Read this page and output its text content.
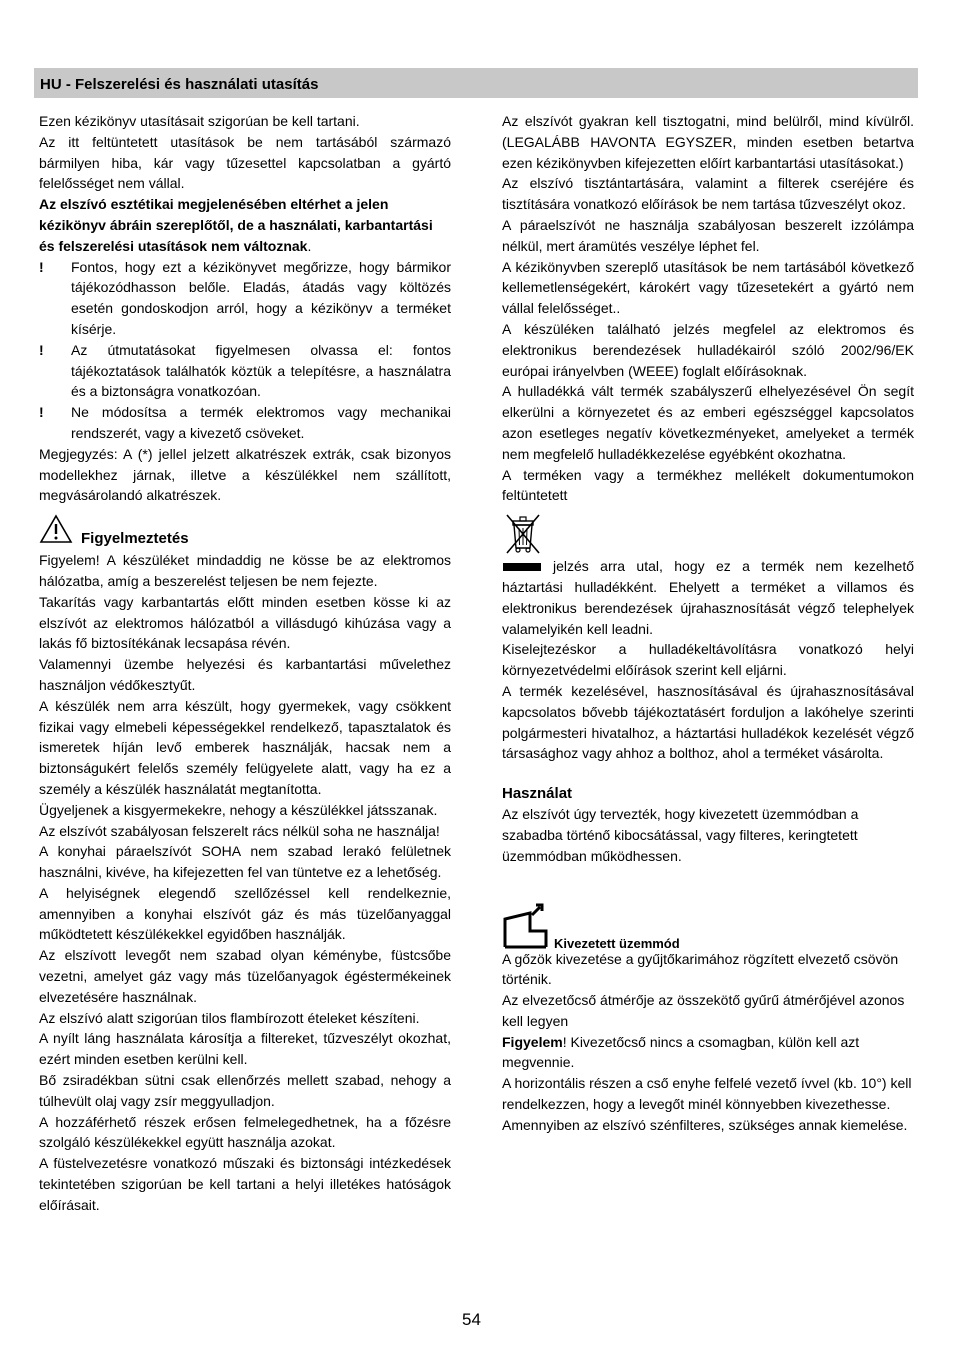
HU - Felszerelési és használati utasítás

Ezen kézikönyv utasításait szigorúan be kell tartani.

Az itt feltüntetett utasítások be nem tartásából származó bármilyen hiba, kár vagy tűzesettel kapcsolatban a gyártó felelősséget nem vállal.

Az elszívó esztétikai megjelenésében eltérhet a jelen kézikönyv ábráin szereplőtől, de a használati, karbantartási és felszerelési utasítások nem változnak.

! Fontos, hogy ezt a kézikönyvet megőrizze, hogy bármikor tájékozódhasson belőle. Eladás, átadás vagy költözés esetén gondoskodjon arról, hogy a kézikönyv a terméket kísérje.
! Az útmutatásokat figyelmesen olvassa el: fontos tájékoztatások találhatók köztük a telepítésre, a használatra és a biztonságra vonatkozóan.
! Ne módosítsa a termék elektromos vagy mechanikai rendszerét, vagy a kivezető csöveket.

Megjegyzés: A (*) jellel jelzett alkatrészek extrák, csak bizonyos modellekhez járnak, illetve a készülékkel nem szállított, megvásárolandó alkatrészek.

Figyelmeztetés

Figyelem! A készüléket mindaddig ne kösse be az elektromos hálózatba, amíg a beszerelést teljesen be nem fejezte.

Takarítás vagy karbantartás előtt minden esetben kösse ki az elszívót az elektromos hálózatból a villásdugó kihúzása vagy a lakás fő biztosítékának lecsapása révén.

Valamennyi üzembe helyezési és karbantartási művelethez használjon védőkesztyűt.

A készülék nem arra készült, hogy gyermekek, vagy csökkent fizikai vagy elmebeli képességekkel rendelkező, tapasztalatok és ismeretek híján levő emberek használják, hacsak nem a biztonságukért felelős személy felügyelete alatt, vagy ha ez a személy a készülék használatát megtanította.

Ügyeljenek a kisgyermekekre, nehogy a készülékkel játsszanak.

Az elszívót szabályosan felszerelt rács nélkül soha ne használja!

A konyhai páraelszívót SOHA nem szabad lerakó felületnek használni, kivéve, ha kifejezetten fel van tüntetve ez a lehetőség.

A helyiségnek elegendő szellőzéssel kell rendelkeznie, amennyiben a konyhai elszívót gáz és más tüzelőanyaggal működtetett készülékekkel egyidőben használják.

Az elszívott levegőt nem szabad olyan kéménybe, füstcsőbe vezetni, amelyet gáz vagy más tüzelőanyagok égéstermékeinek elvezetésére használnak.

Az elszívó alatt szigorúan tilos flambírozott ételeket készíteni.

A nyílt láng használata károsítja a filtereket, tűzveszélyt okozhat, ezért minden esetben kerülni kell.

Bő zsiradékban sütni csak ellenőrzés mellett szabad, nehogy a túlhevült olaj vagy zsír meggyulladjon.

A hozzáférhető részek erősen felmelegedhetnek, ha a főzésre szolgáló készülékekkel együtt használja azokat.

A füstelvezetésre vonatkozó műszaki és biztonsági intézkedések tekintetében szigorúan be kell tartani a helyi illetékes hatóságok előírásait.

Az elszívót gyakran kell tisztogatni, mind belülről, mind kívülről. (LEGALÁBB HAVONTA EGYSZER, minden esetben betartva ezen kézikönyvben kifejezetten előírt karbantartási utasításokat.)

Az elszívó tisztántartására, valamint a filterek cseréjére és tisztítására vonatkozó előírások be nem tartása tűzveszélyt okoz.

A páraelszívót ne használja szabályosan beszerelt izzólámpa nélkül, mert áramütés veszélye léphet fel.

A kézikönyvben szereplő utasítások be nem tartásából következő kellemetlenségekért, károkért vagy tűzesetekért a gyártó nem vállal felelősséget..

A készüléken található jelzés megfelel az elektromos és elektronikus berendezések hulladékairól szóló 2002/96/EK európai irányelvben (WEEE) foglalt előírásoknak.

A hulladékká vált termék szabályszerű elhelyezésével Ön segít elkerülni a környezetet és az emberi egészséggel kapcsolatos azon esetleges negatív következményeket, amelyeket a termék nem megfelelő hulladékkezelése egyébként okozhatna.

A terméken vagy a termékhez mellékelt dokumentumokon feltüntetett

jelzés arra utal, hogy ez a termék nem kezelhető háztartási hulladékként. Ehelyett a terméket a villamos és elektronikus berendezések újrahasznosítását végző telephelyek valamelyikén kell leadni.

Kiselejtezéskor a hulladékeltávolításra vonatkozó helyi környezetvédelmi előírások szerint kell eljárni.

A termék kezelésével, hasznosításával és újrahasznosításával kapcsolatos bővebb tájékoztatásért forduljon a lakóhelye szerinti polgármesteri hivatalhoz, a háztartási hulladékok kezelését végző társasághoz vagy ahhoz a bolthoz, ahol a terméket vásárolta.

Használat

Az elszívót úgy tervezték, hogy kivezetett üzemmódban a szabadba történő kibocsátással, vagy filteres, keringtetett üzemmódban működhessen.

Kivezetett üzemmód

A gőzök kivezetése a gyűjtőkarimához rögzített elvezető csövön történik.

Az elvezetőcső átmérője az összekötő gyűrű átmérőjével azonos kell legyen

Figyelem! Kivezetőcső nincs a csomagban, külön kell azt megvennie.

A horizontális részen a cső enyhe felfelé vezető ívvel (kb. 10°) kell rendelkezzen, hogy a levegőt minél könnyebben kivezethesse.

Amennyiben az elszívó szénfilteres, szükséges annak kiemelése.

54
